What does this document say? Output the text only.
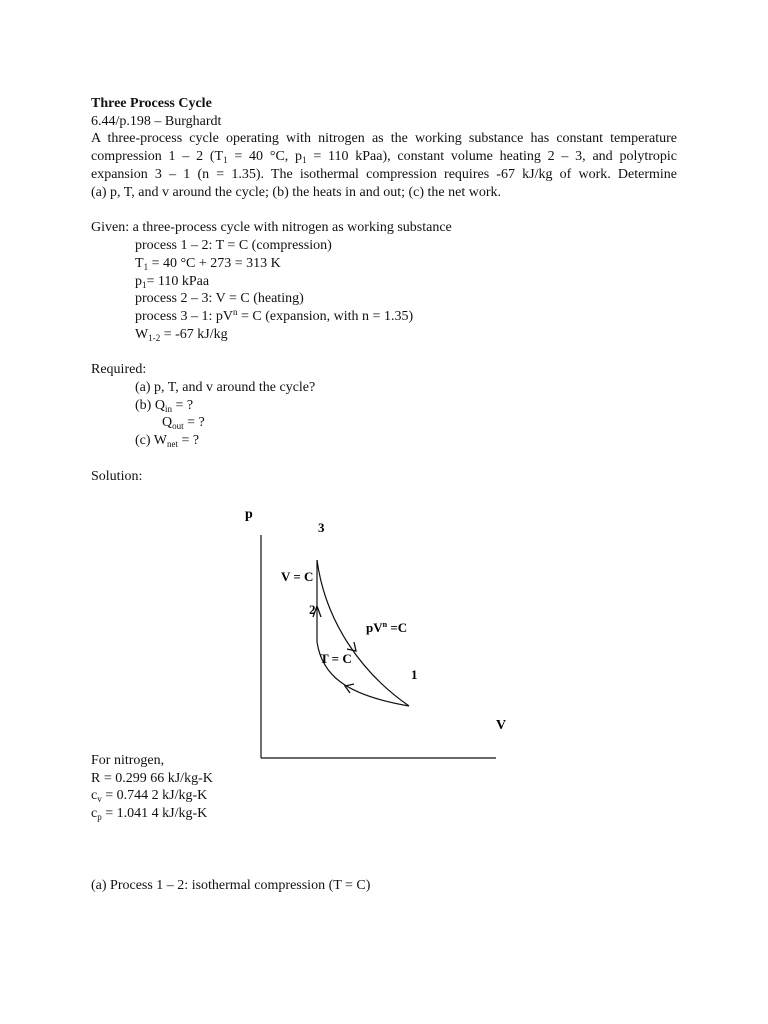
Three Process Cycle
6.44/p.198 – Burghardt
A three-process cycle operating with nitrogen as the working substance has constant temperature
compression 1 – 2 ($T_1 = 40$ °C, $p_1 = 110$ kPaa), constant volume heating 2 – 3, and polytropic
expansion 3 – 1 (n = 1.35). The isothermal compression requires -67 kJ/kg of work. Determine
(a) p, T, and v around the cycle; (b) the heats in and out; (c) the net work.
Given: a three-process cycle with nitrogen as working substance
process 1 – 2: T = C (compression)
$T_1 = 40$ °C + 273 = 313 K
$p_1= 110$ kPaa
process 2 – 3: V = C (heating)
process 3 – 1: $pV^n = C$ (expansion, with n = 1.35)
$W_{1-2} = -67$ kJ/kg
Required:
(a) p, T, and v around the cycle?
(b) $Q_{in}$ = ?
$Q_{out}$ = ?
(c) $W_{net}$ = ?
Solution:
p
3
V = C
2
$pV^n =C$
T = C
1
V
For nitrogen,
R = 0.299 66 kJ/kg-K
$c_v = 0.744$ 2 kJ/kg-K
$c_p = 1.041$ 4 kJ/kg-K
(a) Process 1 – 2: isothermal compression (T = C)
